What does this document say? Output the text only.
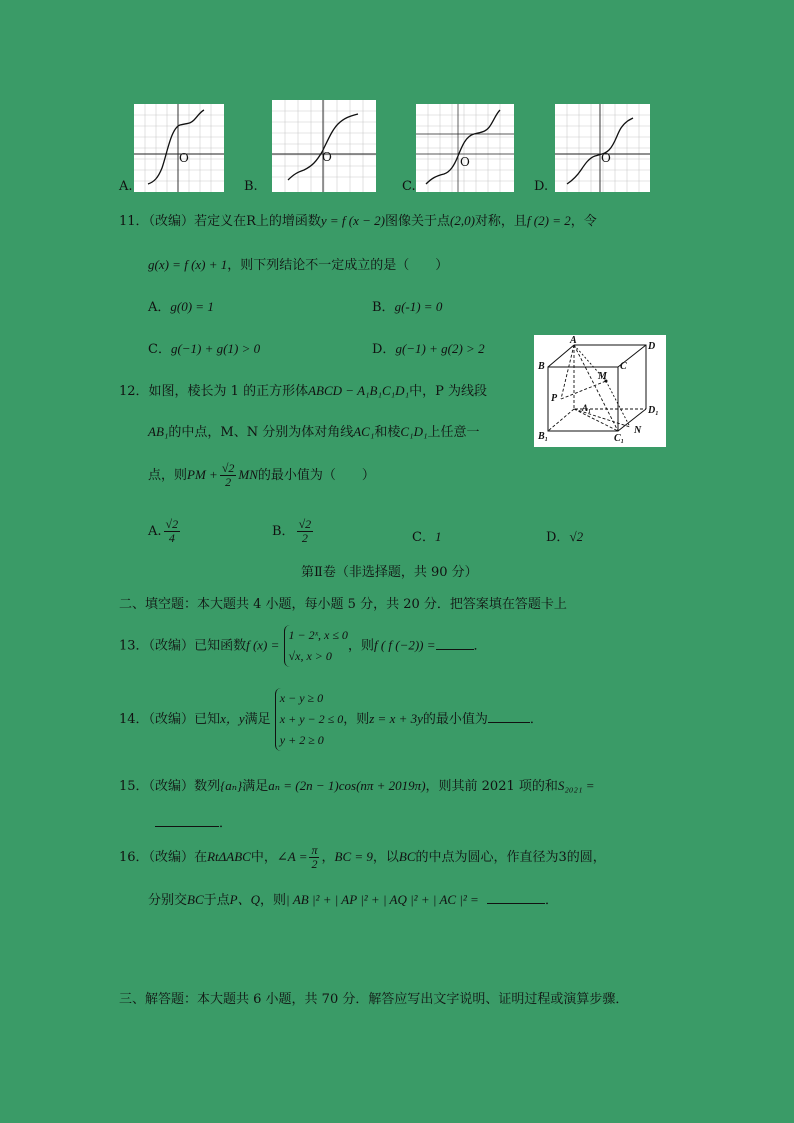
A.
O
B.
O
C.
O
D.
O
11．（改编）若定义在R上的增函数y = f (x − 2)图像关于点(2,0)对称，且f (2) = 2，令
g(x) = f (x) + 1，则下列结论不一定成立的是（　　）
A．g(0) = 1	B．g(-1) = 0
C．g(−1) + g(1) > 0	D．g(−1) + g(2) > 2
A
D
B	C
P
M
A₁	D₁
B₁	C₁
N
12．如图，棱长为 1 的正方形体ABCD − A₁B₁C₁D₁中，P 为线段
AB₁的中点，M、N 分别为体对角线AC₁和棱C₁D₁上任意一
点，则PM + $\frac{√2}{2}$ MN的最小值为（　　）
A. $\frac{√2}{4}$	B． $\frac{√2}{2}$	C．1	D．√2
第Ⅱ卷（非选择题，共 90 分）
二、填空题：本大题共 4 小题，每小题 5 分，共 20 分．把答案填在答题卡上
13．（改编）已知函数f (x) =
1 − 2ˣ, x ≤ 0
√x, x > 0
，则f ( f (−2)) =	．
14．（改编）已知x，y满足
x − y ≥ 0
x + y − 2 ≤ 0
y + 2 ≥ 0
，则z = x + 3y的最小值为	．
15．（改编）数列{aₙ}满足aₙ = (2n − 1)cos(nπ + 2019π)，则其前 2021 项的和S₂₀₂₁ =
．
16．（改编）在RtΔABC中，∠A = $\frac{\pi}{2}$ ，BC = 9，以BC的中点为圆心，作直径为3的圆，
分别交BC于点P、Q，则| AB |² + | AP |² + | AQ |² + | AC |² =	．
三、解答题：本大题共 6 小题，共 70 分．解答应写出文字说明、证明过程或演算步骤．
